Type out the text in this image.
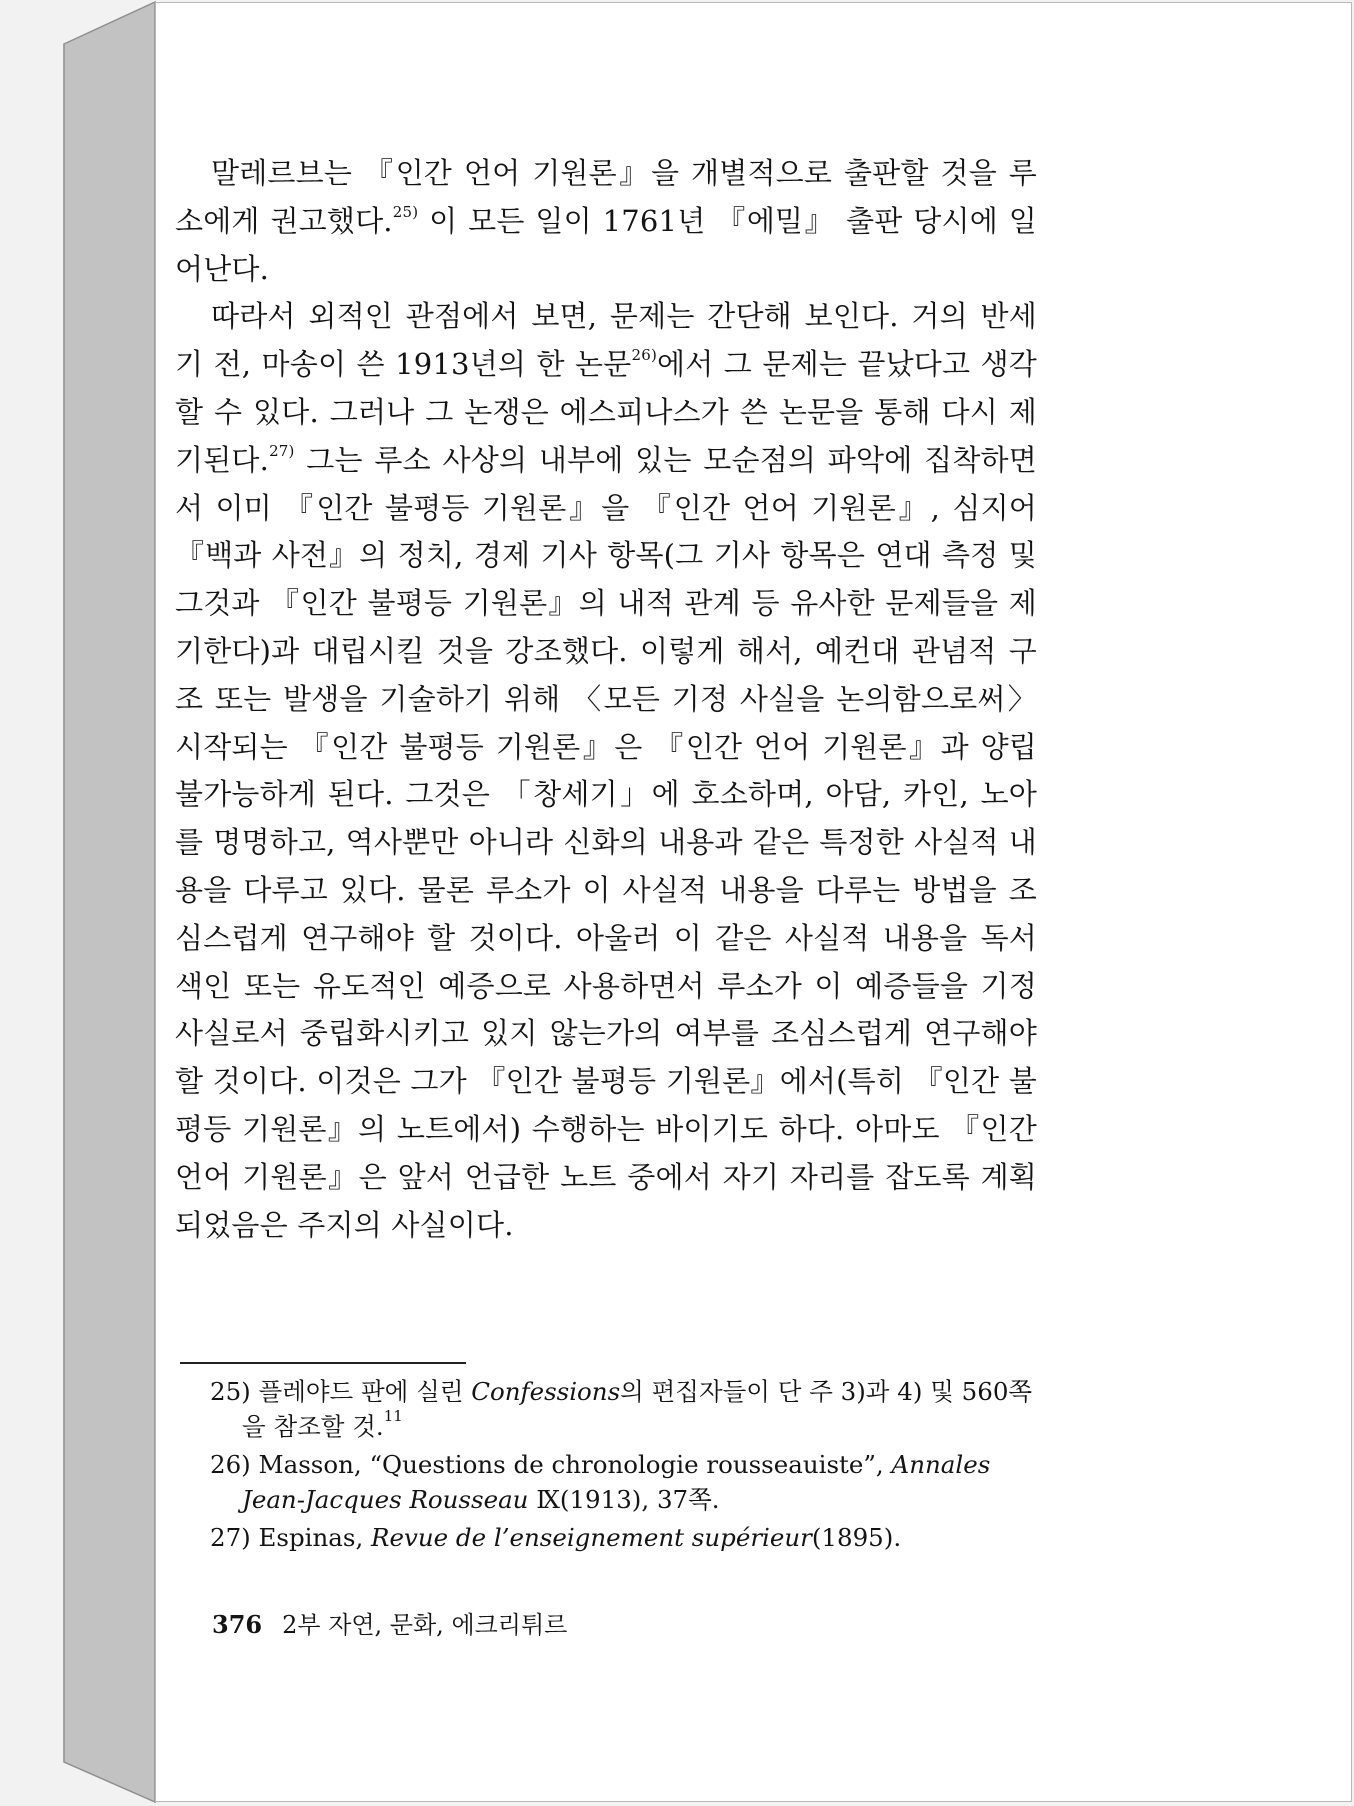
말레르브는 『인간 언어 기원론』을 개별적으로 출판할 것을 루소에게 권고했다.$^{25)}$ 이 모든 일이 1761년 『에밀』 출판 당시에 일어난다.

따라서 외적인 관점에서 보면, 문제는 간단해 보인다. 거의 반세기 전, 마송이 쓴 1913년의 한 논문$^{26)}$에서 그 문제는 끝났다고 생각할 수 있다. 그러나 그 논쟁은 에스피나스가 쓴 논문을 통해 다시 제기된다.$^{27)}$ 그는 루소 사상의 내부에 있는 모순점의 파악에 집착하면서 이미 『인간 불평등 기원론』을 『인간 언어 기원론』, 심지어 『백과 사전』의 정치, 경제 기사 항목(그 기사 항목은 연대 측정 및 그것과 『인간 불평등 기원론』의 내적 관계 등 유사한 문제들을 제기한다)과 대립시킬 것을 강조했다. 이렇게 해서, 예컨대 관념적 구조 또는 발생을 기술하기 위해 〈모든 기정 사실을 논의함으로써〉 시작되는 『인간 불평등 기원론』은 『인간 언어 기원론』과 양립 불가능하게 된다. 그것은 「창세기」에 호소하며, 아담, 카인, 노아를 명명하고, 역사뿐만 아니라 신화의 내용과 같은 특정한 사실적 내용을 다루고 있다. 물론 루소가 이 사실적 내용을 다루는 방법을 조심스럽게 연구해야 할 것이다. 아울러 이 같은 사실적 내용을 독서 색인 또는 유도적인 예증으로 사용하면서 루소가 이 예증들을 기정 사실로서 중립화시키고 있지 않는가의 여부를 조심스럽게 연구해야 할 것이다. 이것은 그가 『인간 불평등 기원론』에서(특히 『인간 불평등 기원론』의 노트에서) 수행하는 바이기도 하다. 아마도 『인간 언어 기원론』은 앞서 언급한 노트 중에서 자기 자리를 잡도록 계획되었음은 주지의 사실이다.

25) 플레야드 판에 실린 Confessions의 편집자들이 단 주 3)과 4) 및 560쪽을 참조할 것.$^{11}$
26) Masson, “Questions de chronologie rousseauiste”, Annales Jean-Jacques Rousseau Ⅸ(1913), 37쪽.
27) Espinas, Revue de l’enseignement supérieur(1895).
376 2부 자연, 문화, 에크리튀르
